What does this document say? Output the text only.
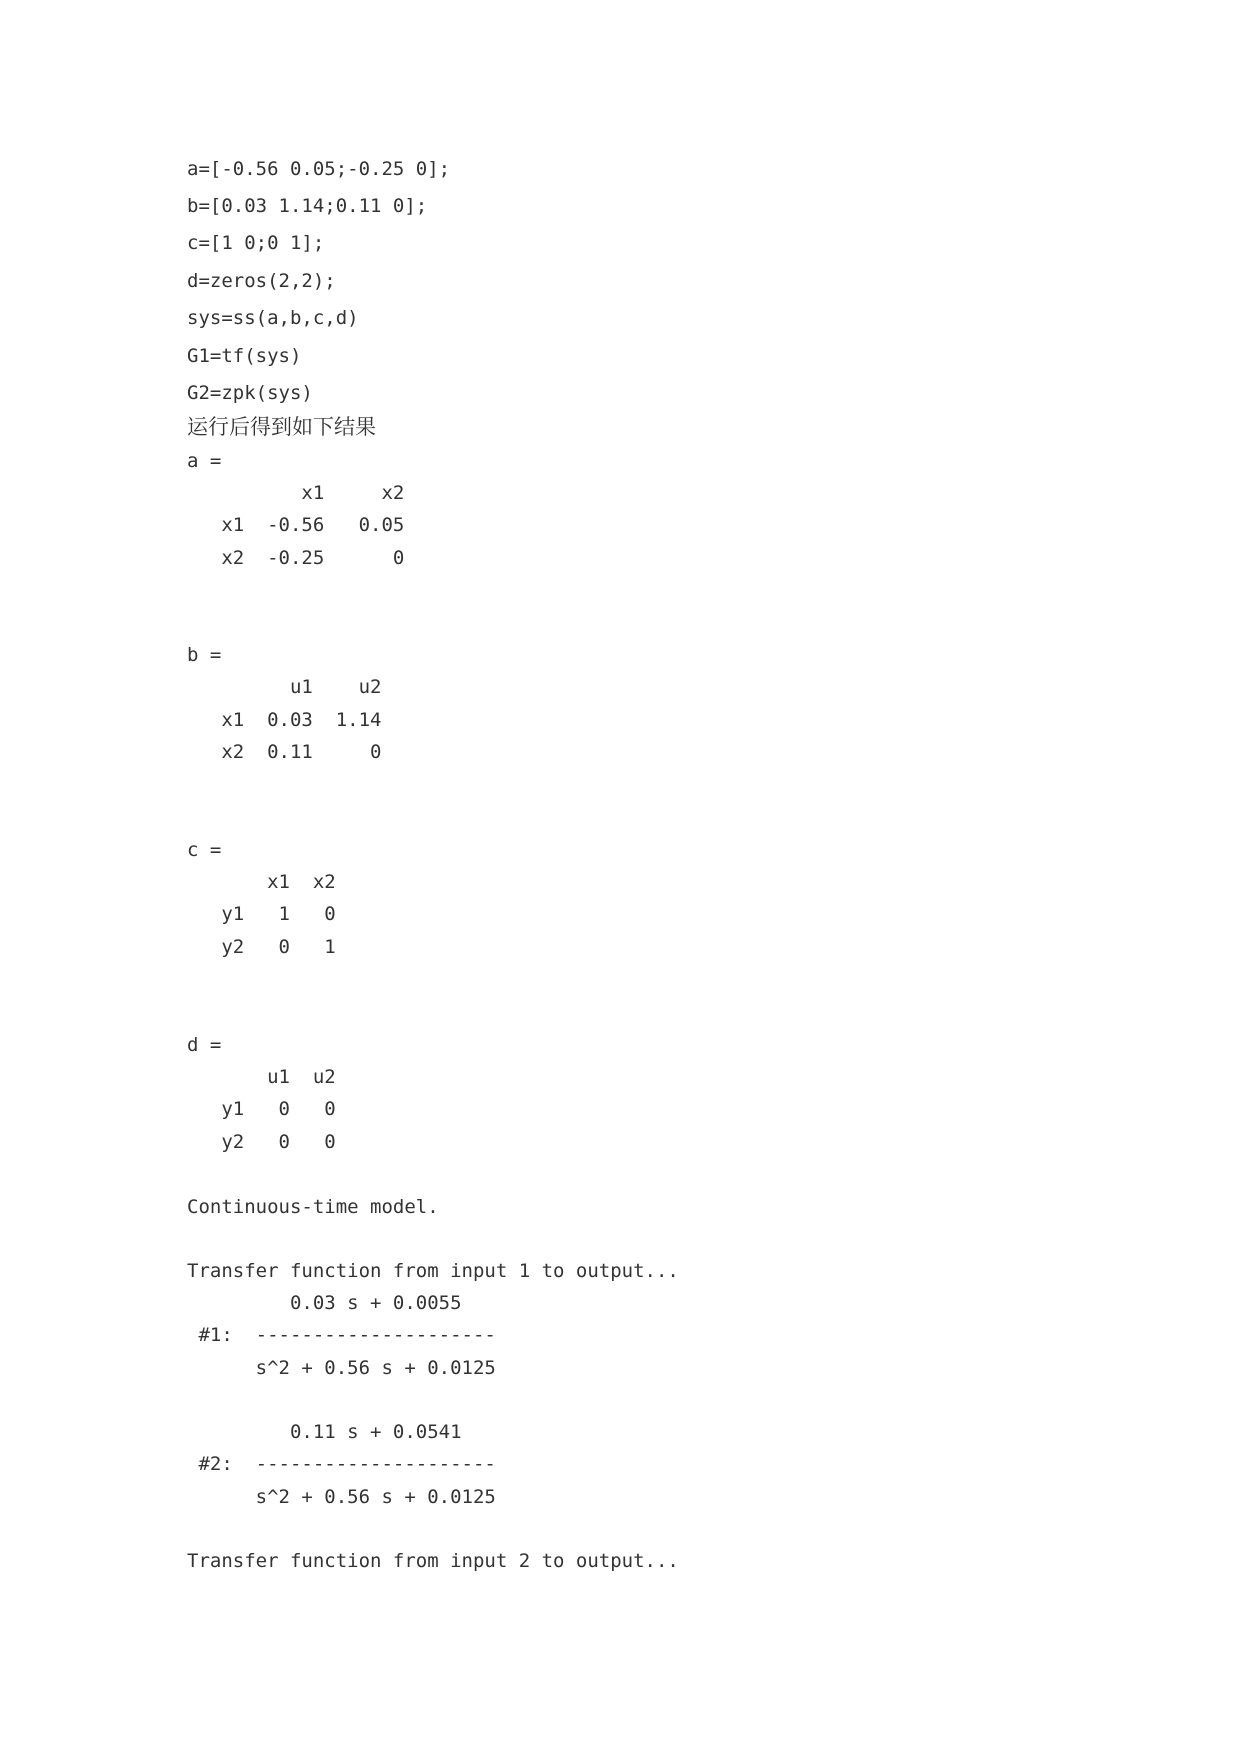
a=[-0.56 0.05;-0.25 0];
b=[0.03 1.14;0.11 0];
c=[1 0;0 1];
d=zeros(2,2);
sys=ss(a,b,c,d)
G1=tf(sys)
G2=zpk(sys)
运行后得到如下结果
a =
x1     x2
x1  -0.56   0.05
x2  -0.25      0
b =
u1    u2
x1  0.03  1.14
x2  0.11     0
c =
x1  x2
y1   1   0
y2   0   1
d =
u1  u2
y1   0   0
y2   0   0
Continuous-time model.
Transfer function from input 1 to output...
0.03 s + 0.0055
#1:  ---------------------
s^2 + 0.56 s + 0.0125
0.11 s + 0.0541
#2:  ---------------------
s^2 + 0.56 s + 0.0125
Transfer function from input 2 to output...
